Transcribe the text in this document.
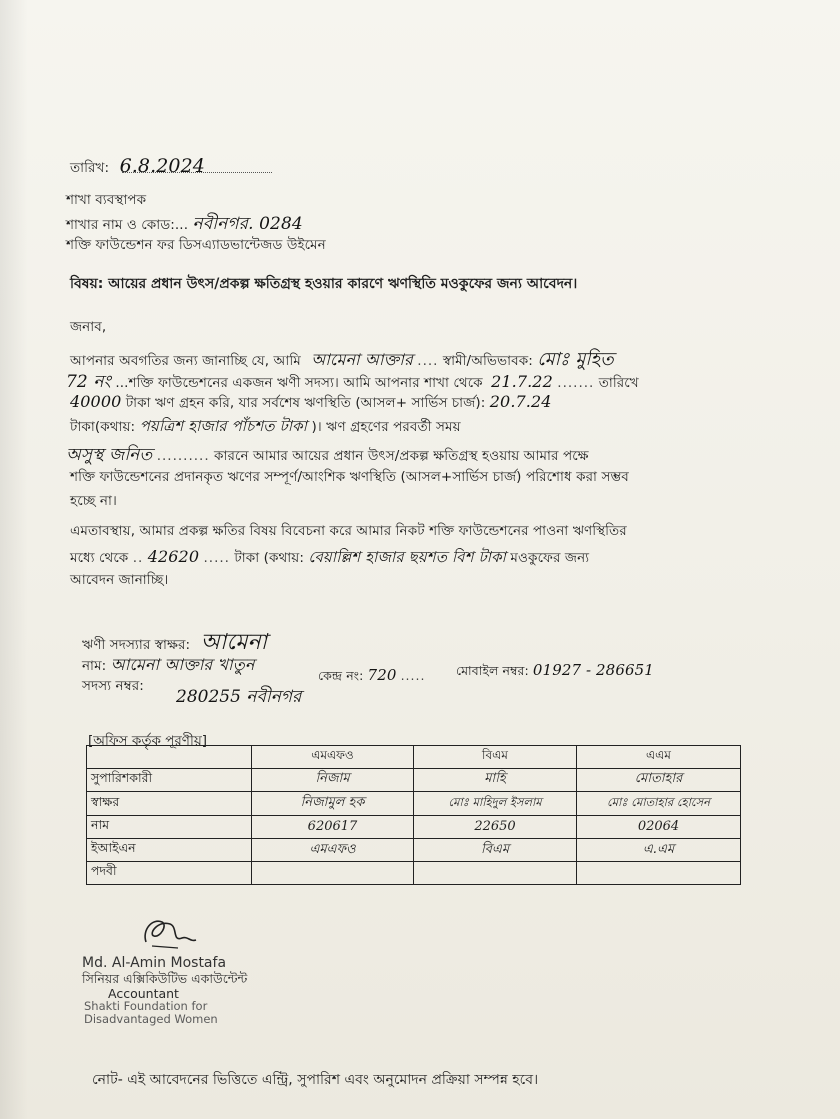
তারিখ: 6.8.2024
শাখা ব্যবস্থাপক
শাখার নাম ও কোড:... নবীনগর. 0284
শক্তি ফাউন্ডেশন ফর ডিসএ্যাডভান্টেজড উইমেন
বিষয়: আয়ের প্রধান উৎস/প্রকল্প ক্ষতিগ্রস্থ হওয়ার কারণে ঋণস্থিতি মওকুফের জন্য আবেদন।
জনাব,
আপনার অবগতির জন্য জানাচ্ছি যে, আমি আমেনা আক্তার .... স্বামী/অভিভাবক: মোঃ মুহিত
72 নং ...শক্তি ফাউন্ডেশনের একজন ঋণী সদস্য। আমি আপনার শাখা থেকে 21.7.22 ....... তারিখে
40000 টাকা ঋণ গ্রহন করি, যার সর্বশেষ ঋণস্থিতি (আসল+ সার্ভিস চার্জ): 20.7.24
টাকা(কথায়: পয়ত্রিশ হাজার পাঁচশত টাকা )। ঋণ গ্রহণের পরবর্তী সময়
অসুস্থ জনিত .......... কারনে আমার আয়ের প্রধান উৎস/প্রকল্প ক্ষতিগ্রস্থ হওয়ায় আমার পক্ষে
শক্তি ফাউন্ডেশনের প্রদানকৃত ঋণের সম্পূর্ণ/আংশিক ঋণস্থিতি (আসল+সার্ভিস চার্জ) পরিশোধ করা সম্ভব
হচ্ছে না।
এমতাবস্থায়, আমার প্রকল্প ক্ষতির বিষয় বিবেচনা করে আমার নিকট শক্তি ফাউন্ডেশনের পাওনা ঋণস্থিতির
মধ্যে থেকে .. 42620 ..... টাকা (কথায়: বেয়াল্লিশ হাজার ছয়শত বিশ টাকা মওকুফের জন্য
আবেদন জানাচ্ছি।
ঋণী সদস্যার স্বাক্ষর: আমেনা
নাম: আমেনা আক্তার খাতুন
সদস্য নম্বর:
280255 নবীনগর
কেন্দ্র নং: 720 ..... মোবাইল নম্বর: 01927 - 286651
[অফিস কর্তৃক পূরণীয়]
	এমএফও	বিএম	এএম
সুপারিশকারী	নিজাম	মাহি	মোতাহার
স্বাক্ষর	নিজামুল হক	মোঃ মাহিদুল ইসলাম	মোঃ মোতাহার হোসেন
নাম	620617	22650	02064
ইআইএন	এমএফও	বিএম	এ.এম
পদবী			
Md. Al-Amin Mostafa
সিনিয়র এক্সিকিউটিভ একাউন্টেন্ট
Accountant
Shakti Foundation for
Disadvantaged Women
নোট- এই আবেদনের ভিত্তিতে এন্ট্রি, সুপারিশ এবং অনুমোদন প্রক্রিয়া সম্পন্ন হবে।
